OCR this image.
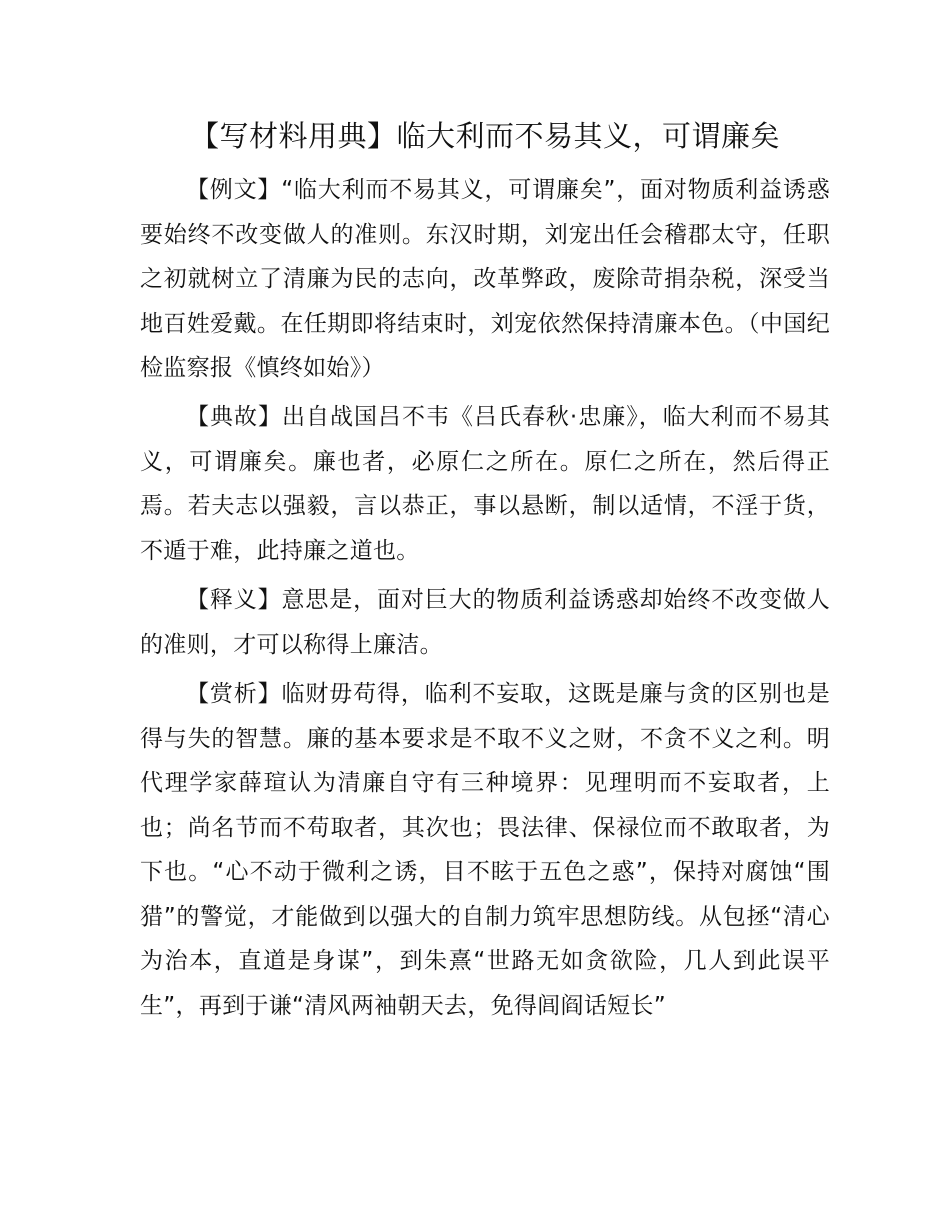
【写材料用典】临大利而不易其义，可谓廉矣

【例文】“临大利而不易其义，可谓廉矣”，面对物质利益诱惑要始终不改变做人的准则。东汉时期，刘宠出任会稽郡太守，任职之初就树立了清廉为民的志向，改革弊政，废除苛捐杂税，深受当地百姓爱戴。在任期即将结束时，刘宠依然保持清廉本色。（中国纪检监察报《慎终如始》）

【典故】出自战国吕不韦《吕氏春秋·忠廉》，临大利而不易其义，可谓廉矣。廉也者，必原仁之所在。原仁之所在，然后得正焉。若夫志以强毅，言以恭正，事以悬断，制以适情，不淫于货，不遁于难，此持廉之道也。

【释义】意思是，面对巨大的物质利益诱惑却始终不改变做人的准则，才可以称得上廉洁。

【赏析】临财毋苟得，临利不妄取，这既是廉与贪的区别也是得与失的智慧。廉的基本要求是不取不义之财，不贪不义之利。明代理学家薛瑄认为清廉自守有三种境界：见理明而不妄取者，上也；尚名节而不苟取者，其次也；畏法律、保禄位而不敢取者，为下也。“心不动于微利之诱，目不眩于五色之惑”，保持对腐蚀“围猎”的警觉，才能做到以强大的自制力筑牢思想防线。从包拯“清心为治本，直道是身谋”，到朱熹“世路无如贪欲险，几人到此误平生”，再到于谦“清风两袖朝天去，免得闾阎话短长”
